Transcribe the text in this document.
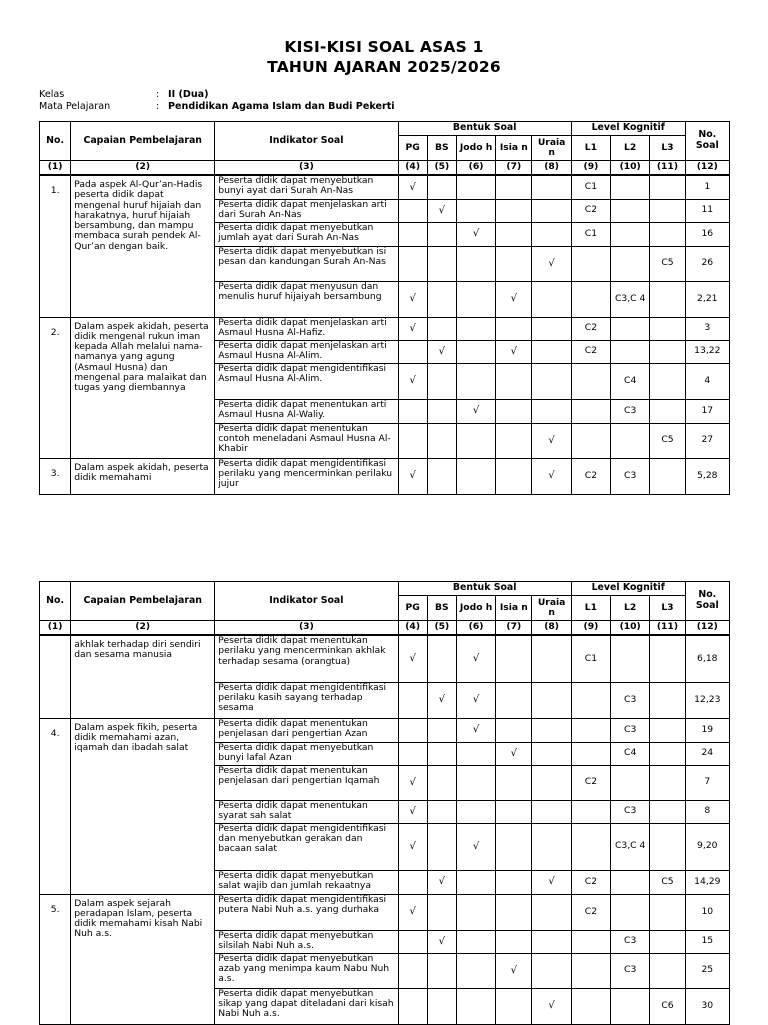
KISI-KISI SOAL ASAS 1
TAHUN AJARAN 2025/2026
Kelas	: II (Dua)
Mata Pelajaran	: Pendidikan Agama Islam dan Budi Pekerti
No.	Capaian Pembelajaran	Indikator Soal	Bentuk Soal					Level Kognitif			No. Soal
			PG	BS	Jodo h	Isia n	Uraia n	L1	L2	L3	
(1)	(2)	(3)	(4)	(5)	(6)	(7)	(8)	(9)	(10)	(11)	(12)
1.	Pada aspek Al-Qur’an-Hadis peserta didik dapat mengenal huruf hijaiah dan harakatnya, huruf hijaiah bersambung, dan mampu membaca surah pendek Al-Qur’an dengan baik.	Peserta didik dapat menyebutkan bunyi ayat dari Surah An-Nas	√					C1			1
		Peserta didik dapat menjelaskan arti dari Surah An-Nas		√				C2			11
		Peserta didik dapat menyebutkan jumlah ayat dari Surah An-Nas			√			C1			16
		Peserta didik dapat menyebutkan isi pesan dan kandungan Surah An-Nas					√			C5	26
		Peserta didik dapat menyusun dan menulis huruf hijaiyah bersambung	√			√			C3,C 4		2,21
2.	Dalam aspek akidah, peserta didik mengenal rukun iman kepada Allah melalui nama-namanya yang agung (Asmaul Husna) dan mengenal para malaikat dan tugas yang diembannya	Peserta didik dapat menjelaskan arti Asmaul Husna Al-Hafiz.	√					C2			3
		Peserta didik dapat menjelaskan arti Asmaul Husna Al-Alim.		√		√		C2			13,22
		Peserta didik dapat mengidentifikasi Asmaul Husna Al-Alim.	√						C4		4
		Peserta didik dapat menentukan arti Asmaul Husna Al-Waliy.			√				C3		17
		Peserta didik dapat menentukan contoh meneladani Asmaul Husna Al-Khabir					√			C5	27
3.	Dalam aspek akidah, peserta didik memahami	Peserta didik dapat mengidentifikasi perilaku yang mencerminkan perilaku jujur	√				√	C2	C3		5,28
No.	Capaian Pembelajaran	Indikator Soal	Bentuk Soal					Level Kognitif			No. Soal
			PG	BS	Jodo h	Isia n	Uraia n	L1	L2	L3	
(1)	(2)	(3)	(4)	(5)	(6)	(7)	(8)	(9)	(10)	(11)	(12)
	akhlak terhadap diri sendiri dan sesama manusia	Peserta didik dapat menentukan perilaku yang mencerminkan akhlak terhadap sesama (orangtua)	√		√			C1			6,18
		Peserta didik dapat mengidentifikasi perilaku kasih sayang terhadap sesama		√	√				C3		12,23
4.	Dalam aspek fikih, peserta didik memahami azan, iqamah dan ibadah salat	Peserta didik dapat menentukan penjelasan dari pengertian Azan			√				C3		19
		Peserta didik dapat menyebutkan bunyi lafal Azan				√			C4		24
		Peserta didik dapat menentukan penjelasan dari pengertian Iqamah	√					C2			7
		Peserta didik dapat menentukan syarat sah salat	√						C3		8
		Peserta didik dapat mengidentifikasi dan menyebutkan gerakan dan bacaan salat	√		√				C3,C 4		9,20
		Peserta didik dapat menyebutkan salat wajib dan jumlah rekaatnya		√			√	C2		C5	14,29
5.	Dalam aspek sejarah peradapan Islam, peserta didik memahami kisah Nabi Nuh a.s.	Peserta didik dapat mengidentifikasi putera Nabi Nuh a.s. yang durhaka	√					C2			10
		Peserta didik dapat menyebutkan silsilah Nabi Nuh a.s.		√					C3		15
		Peserta didik dapat menyebutkan azab yang menimpa kaum Nabu Nuh a.s.				√			C3		25
		Peserta didik dapat menyebutkan sikap yang dapat diteladani dari kisah Nabi Nuh a.s.					√			C6	30
